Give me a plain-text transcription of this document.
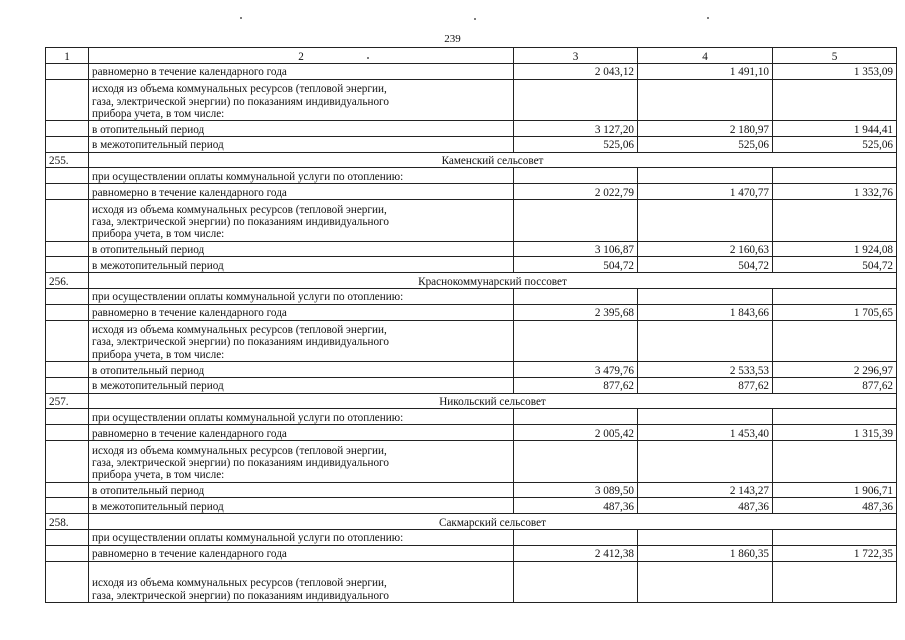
239
1	2	3	4	5
	равномерно в течение календарного года	2 043,12	1 491,10	1 353,09

	исходя из объема коммунальных ресурсов (тепловой энергии,
газа, электрической энергии) по показаниям индивидуального
прибора учета, в том числе:			

	в отопительный период	3 127,20	2 180,97	1 944,41
	в межотопительный период	525,06	525,06	525,06
255.	Каменский сельсовет			
	при осуществлении оплаты коммунальной услуги по отоплению:			
	равномерно в течение календарного года	2 022,79	1 470,77	1 332,76

	исходя из объема коммунальных ресурсов (тепловой энергии,
газа, электрической энергии) по показаниям индивидуального
прибора учета, в том числе:			

	в отопительный период	3 106,87	2 160,63	1 924,08
	в межотопительный период	504,72	504,72	504,72
256.	Краснокоммунарский поссовет			
	при осуществлении оплаты коммунальной услуги по отоплению:			
	равномерно в течение календарного года	2 395,68	1 843,66	1 705,65

	исходя из объема коммунальных ресурсов (тепловой энергии,
газа, электрической энергии) по показаниям индивидуального
прибора учета, в том числе:			

	в отопительный период	3 479,76	2 533,53	2 296,97
	в межотопительный период	877,62	877,62	877,62
257.	Никольский сельсовет			
	при осуществлении оплаты коммунальной услуги по отоплению:			
	равномерно в течение календарного года	2 005,42	1 453,40	1 315,39

	исходя из объема коммунальных ресурсов (тепловой энергии,
газа, электрической энергии) по показаниям индивидуального
прибора учета, в том числе:			

	в отопительный период	3 089,50	2 143,27	1 906,71
	в межотопительный период	487,36	487,36	487,36
258.	Сакмарский сельсовет			
	при осуществлении оплаты коммунальной услуги по отоплению:			
	равномерно в течение календарного года	2 412,38	1 860,35	1 722,35

	исходя из объема коммунальных ресурсов (тепловой энергии,
газа, электрической энергии) по показаниям индивидуального			
